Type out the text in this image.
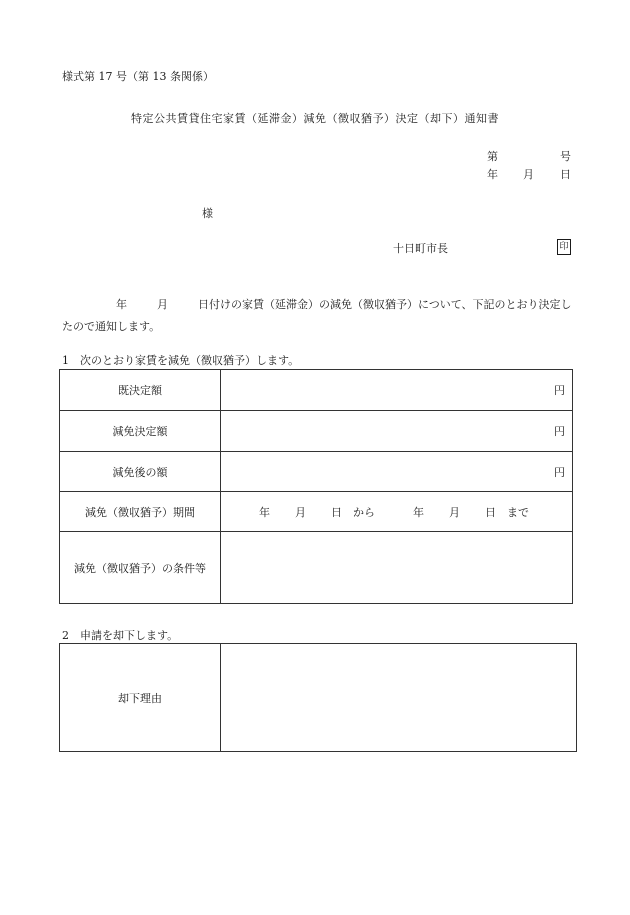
様式第 17 号（第 13 条関係）
特定公共賃貸住宅家賃（延滞金）減免（徴収猶予）決定（却下）通知書
第	号
年 月 日
様
十日町市長	印
年	月	日付けの家賃（延滞金）の減免（徴収猶予）について、下記のとおり決定したので通知します。
1　次のとおり家賃を減免（徴収猶予）します。
既決定額	円
減免決定額	円
減免後の額	円
減免（徴収猶予）期間	年 月 日 から 年 月 日 まで
減免（徴収猶予）の条件等	
2　申請を却下します。
却下理由	
